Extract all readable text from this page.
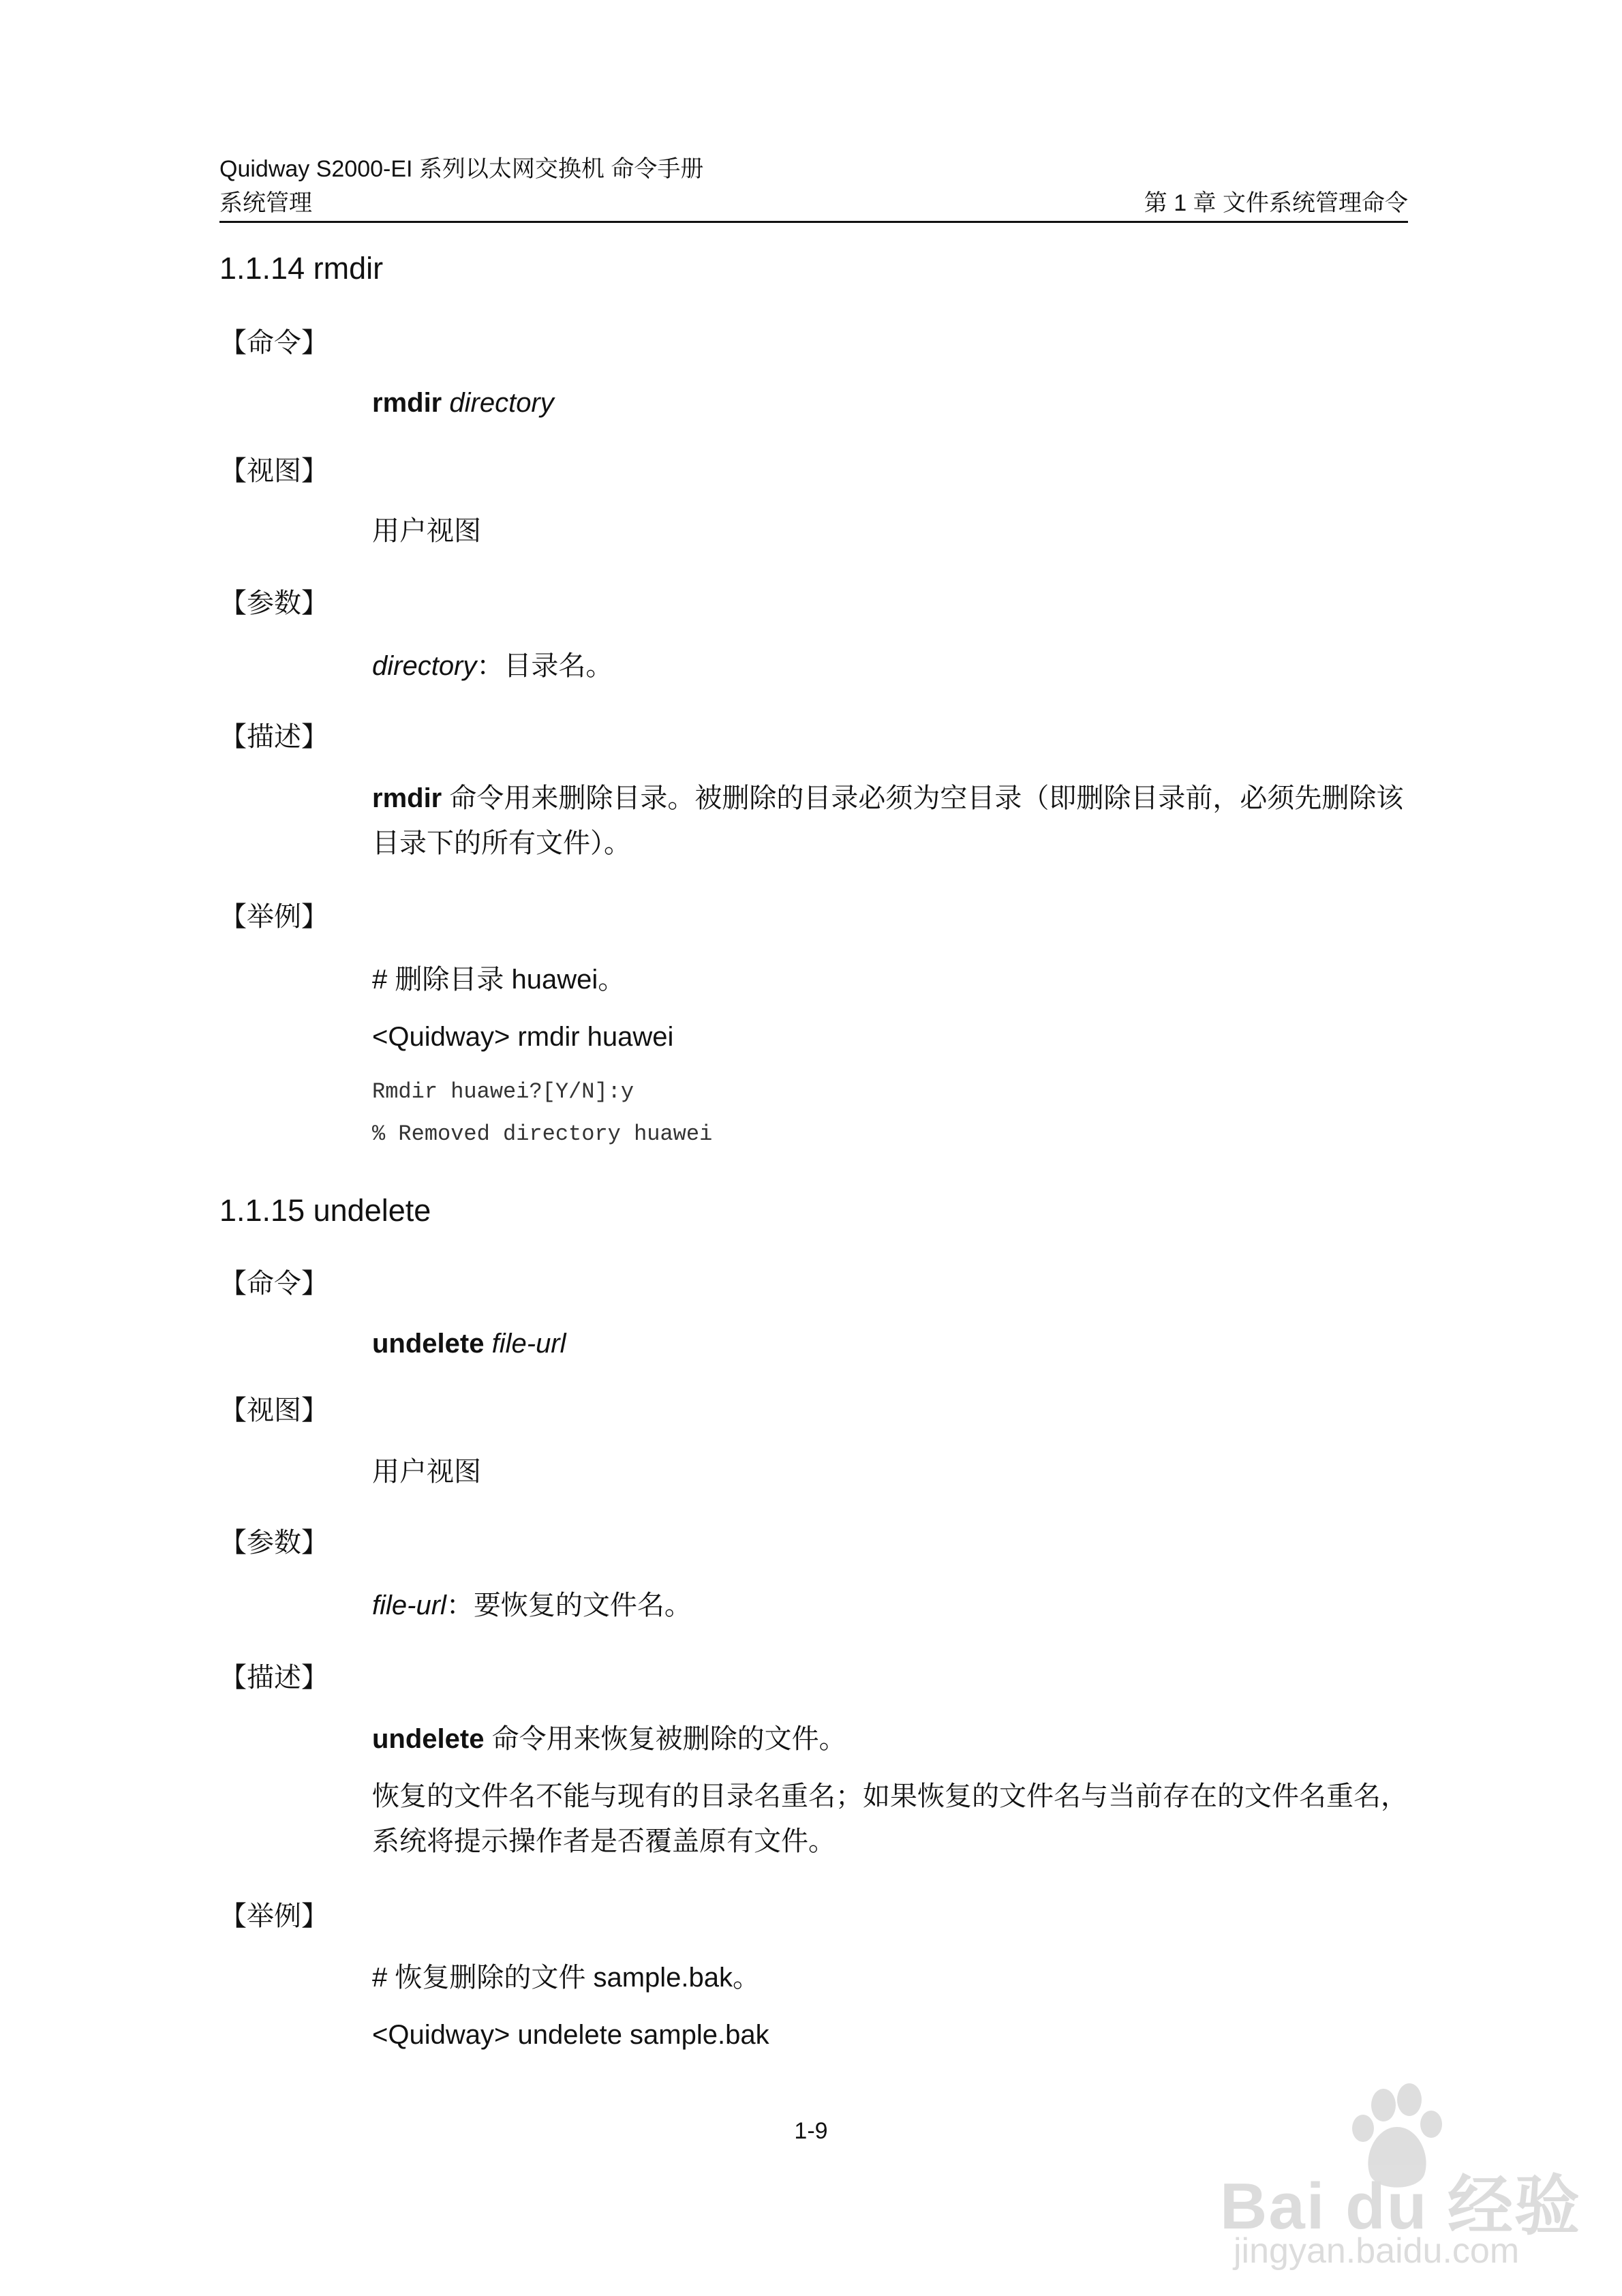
Quidway S2000-EI 系列以太网交换机 命令手册
系统管理	第 1 章 文件系统管理命令
1.1.14 rmdir
【命令】
rmdir directory
【视图】
用户视图
【参数】
directory：目录名。
【描述】
rmdir 命令用来删除目录。被删除的目录必须为空目录（即删除目录前，必须先删除该目录下的所有文件）。
【举例】
# 删除目录 huawei。
<Quidway> rmdir huawei
Rmdir huawei?[Y/N]:y
% Removed directory huawei
1.1.15 undelete
【命令】
undelete file-url
【视图】
用户视图
【参数】
file-url：要恢复的文件名。
【描述】
undelete 命令用来恢复被删除的文件。
恢复的文件名不能与现有的目录名重名；如果恢复的文件名与当前存在的文件名重名，系统将提示操作者是否覆盖原有文件。
【举例】
# 恢复删除的文件 sample.bak。
<Quidway> undelete sample.bak
1-9
Bai du 经验
jingyan.baidu.com
